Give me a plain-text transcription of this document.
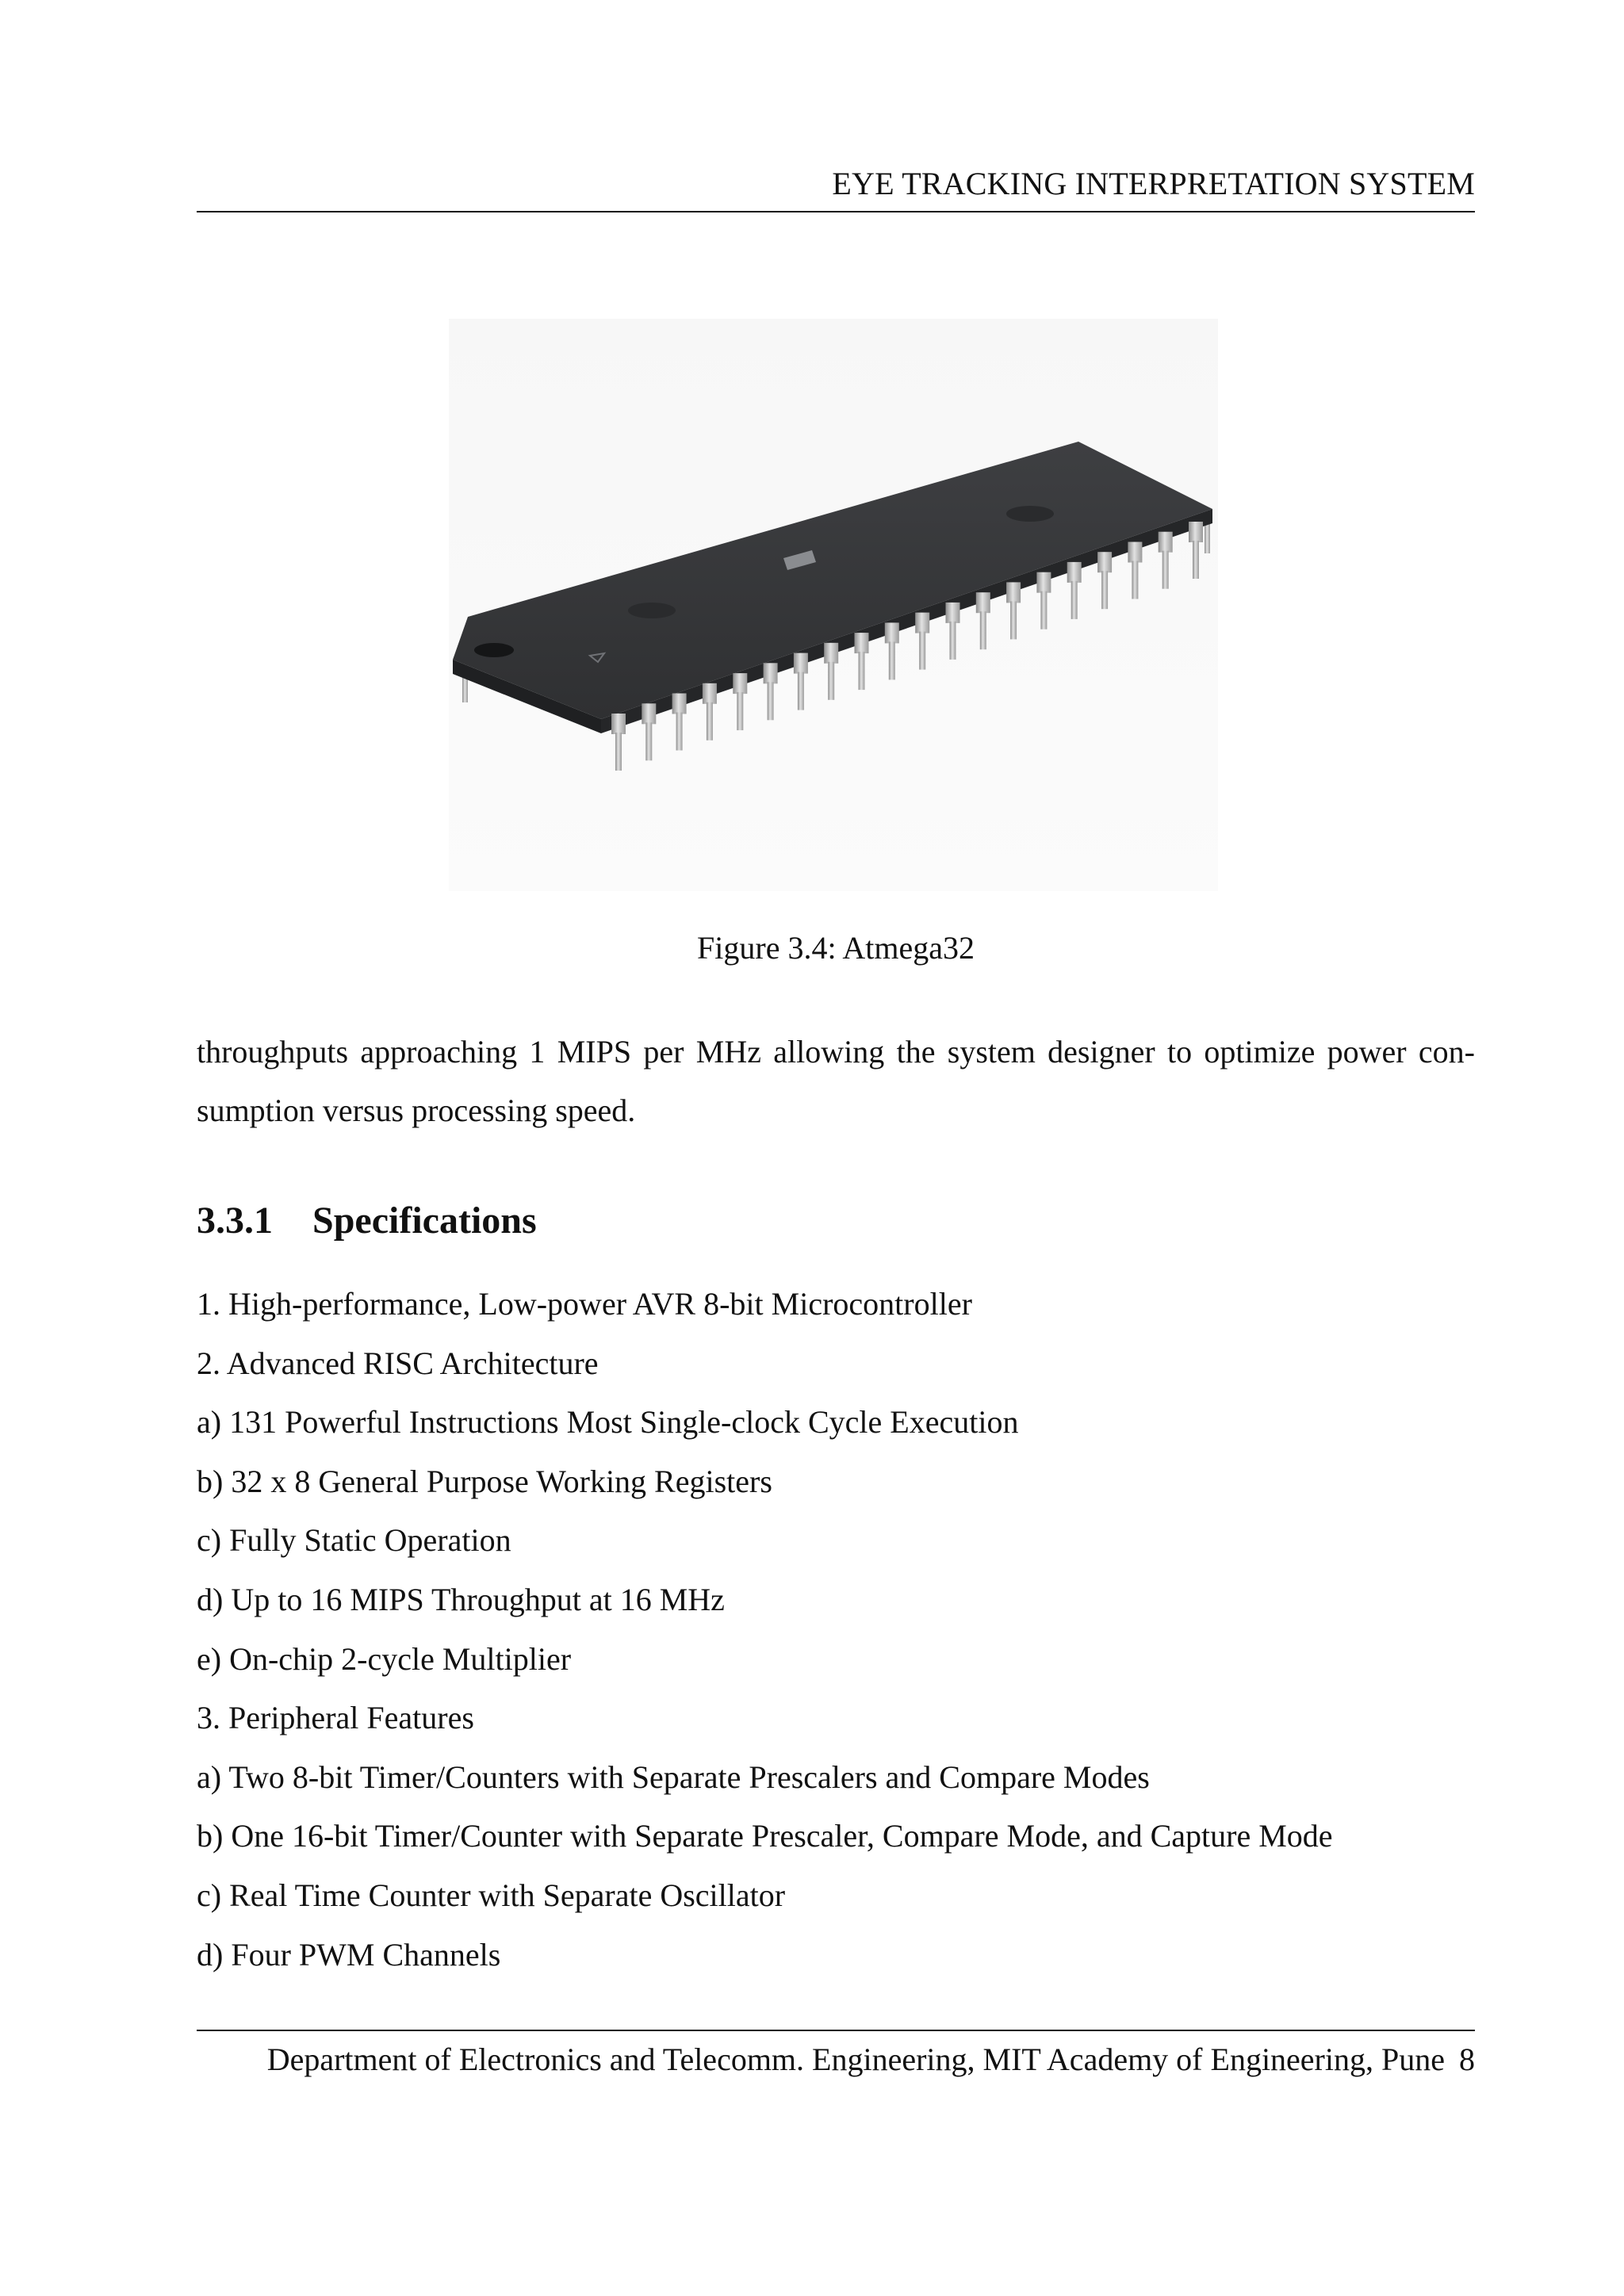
EYE TRACKING INTERPRETATION SYSTEM
Figure 3.4: Atmega32
throughputs approaching 1 MIPS per MHz allowing the system designer to optimize power con-
sumption versus processing speed.
3.3.1 Specifications
1. High-performance, Low-power AVR 8-bit Microcontroller
2. Advanced RISC Architecture
a) 131 Powerful Instructions Most Single-clock Cycle Execution
b) 32 x 8 General Purpose Working Registers
c) Fully Static Operation
d) Up to 16 MIPS Throughput at 16 MHz
e) On-chip 2-cycle Multiplier
3. Peripheral Features
a) Two 8-bit Timer/Counters with Separate Prescalers and Compare Modes
b) One 16-bit Timer/Counter with Separate Prescaler, Compare Mode, and Capture Mode
c) Real Time Counter with Separate Oscillator
d) Four PWM Channels
Department of Electronics and Telecomm. Engineering, MIT Academy of Engineering, Pune 8
